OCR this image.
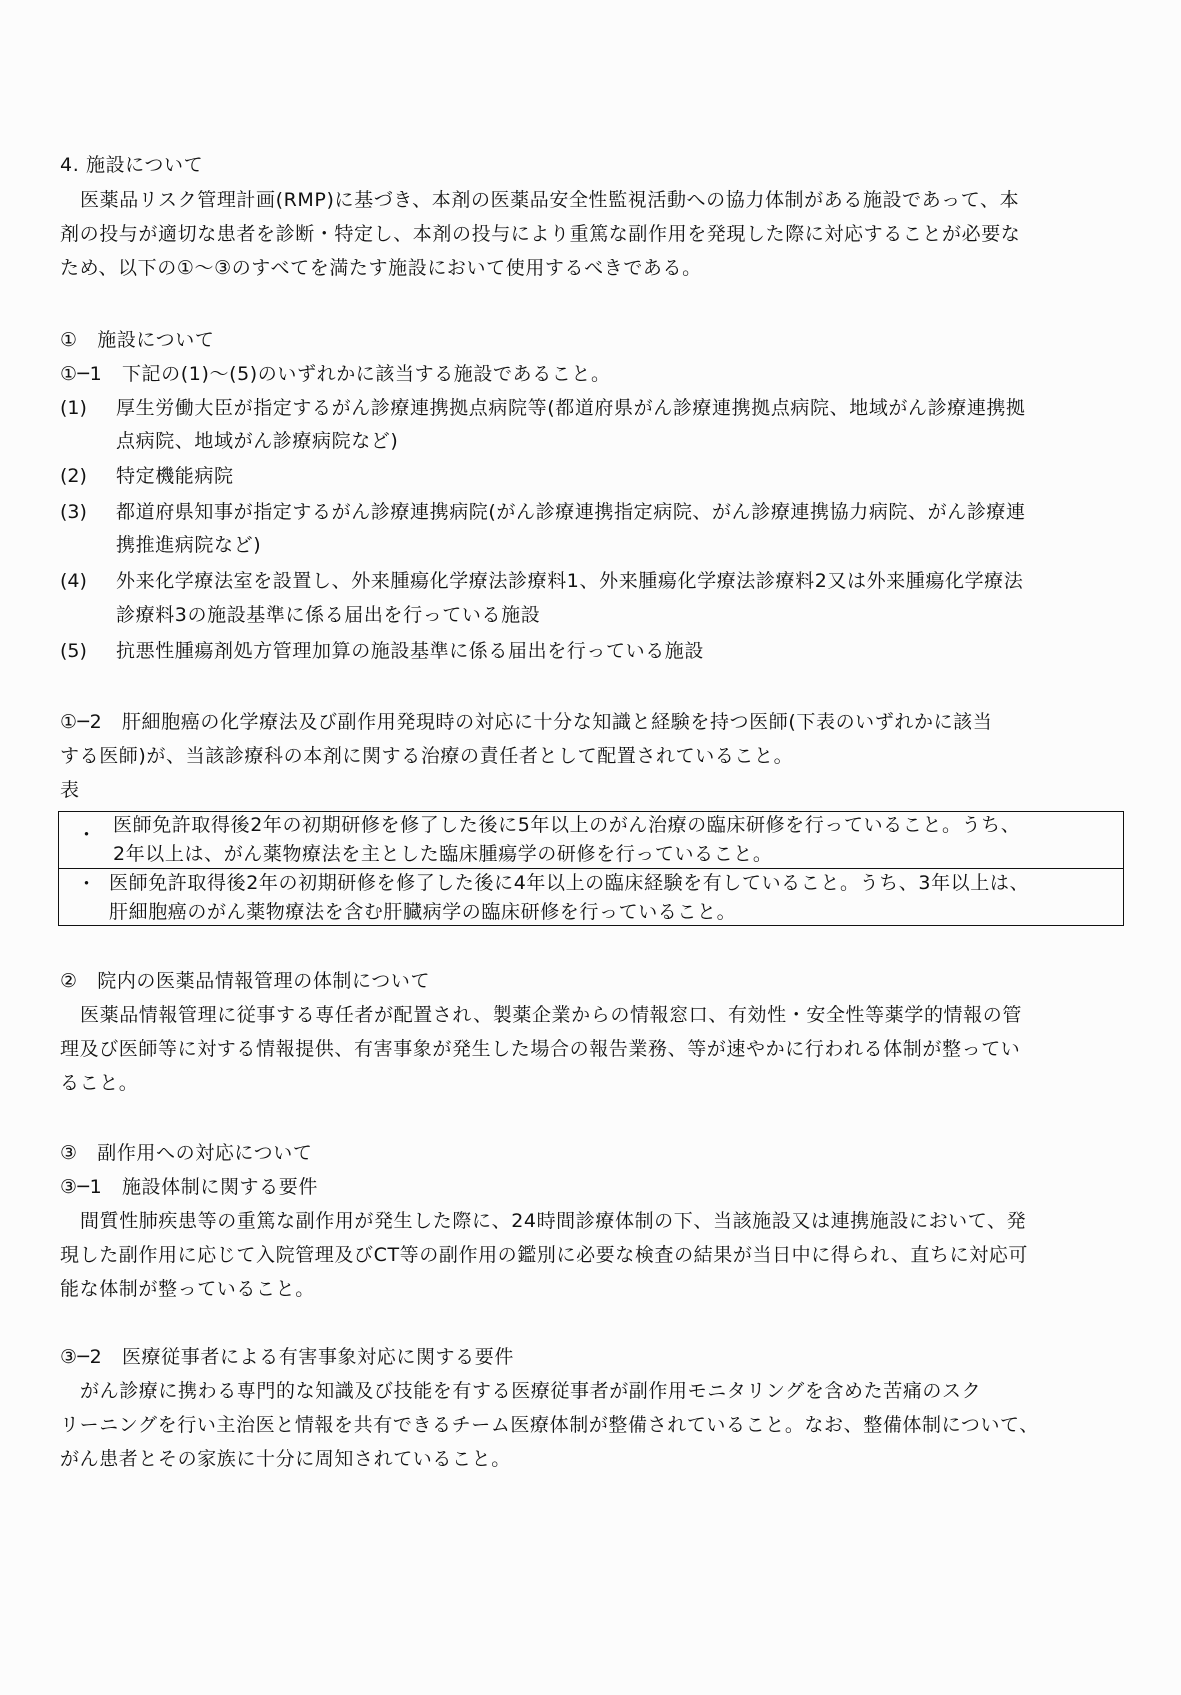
4. 施設について
医薬品リスク管理計画(RMP)に基づき、本剤の医薬品安全性監視活動への協力体制がある施設であって、本
剤の投与が適切な患者を診断・特定し、本剤の投与により重篤な副作用を発現した際に対応することが必要な
ため、以下の①～③のすべてを満たす施設において使用するべきである。
①　施設について
①─1　下記の(1)～(5)のいずれかに該当する施設であること。
(1) 厚生労働大臣が指定するがん診療連携拠点病院等(都道府県がん診療連携拠点病院、地域がん診療連携拠
点病院、地域がん診療病院など)
(2) 特定機能病院
(3) 都道府県知事が指定するがん診療連携病院(がん診療連携指定病院、がん診療連携協力病院、がん診療連
携推進病院など)
(4) 外来化学療法室を設置し、外来腫瘍化学療法診療料1、外来腫瘍化学療法診療料2又は外来腫瘍化学療法
診療料3の施設基準に係る届出を行っている施設
(5) 抗悪性腫瘍剤処方管理加算の施設基準に係る届出を行っている施設
①─2　肝細胞癌の化学療法及び副作用発現時の対応に十分な知識と経験を持つ医師(下表のいずれかに該当
する医師)が、当該診療科の本剤に関する治療の責任者として配置されていること。
表
・ 医師免許取得後2年の初期研修を修了した後に5年以上のがん治療の臨床研修を行っていること。うち、
2年以上は、がん薬物療法を主とした臨床腫瘍学の研修を行っていること。
・ 医師免許取得後2年の初期研修を修了した後に4年以上の臨床経験を有していること。うち、3年以上は、
肝細胞癌のがん薬物療法を含む肝臓病学の臨床研修を行っていること。
②　院内の医薬品情報管理の体制について
医薬品情報管理に従事する専任者が配置され、製薬企業からの情報窓口、有効性・安全性等薬学的情報の管
理及び医師等に対する情報提供、有害事象が発生した場合の報告業務、等が速やかに行われる体制が整ってい
ること。
③　副作用への対応について
③─1　施設体制に関する要件
間質性肺疾患等の重篤な副作用が発生した際に、24時間診療体制の下、当該施設又は連携施設において、発
現した副作用に応じて入院管理及びCT等の副作用の鑑別に必要な検査の結果が当日中に得られ、直ちに対応可
能な体制が整っていること。
③─2　医療従事者による有害事象対応に関する要件
がん診療に携わる専門的な知識及び技能を有する医療従事者が副作用モニタリングを含めた苦痛のスク
リーニングを行い主治医と情報を共有できるチーム医療体制が整備されていること。なお、整備体制について、
がん患者とその家族に十分に周知されていること。
